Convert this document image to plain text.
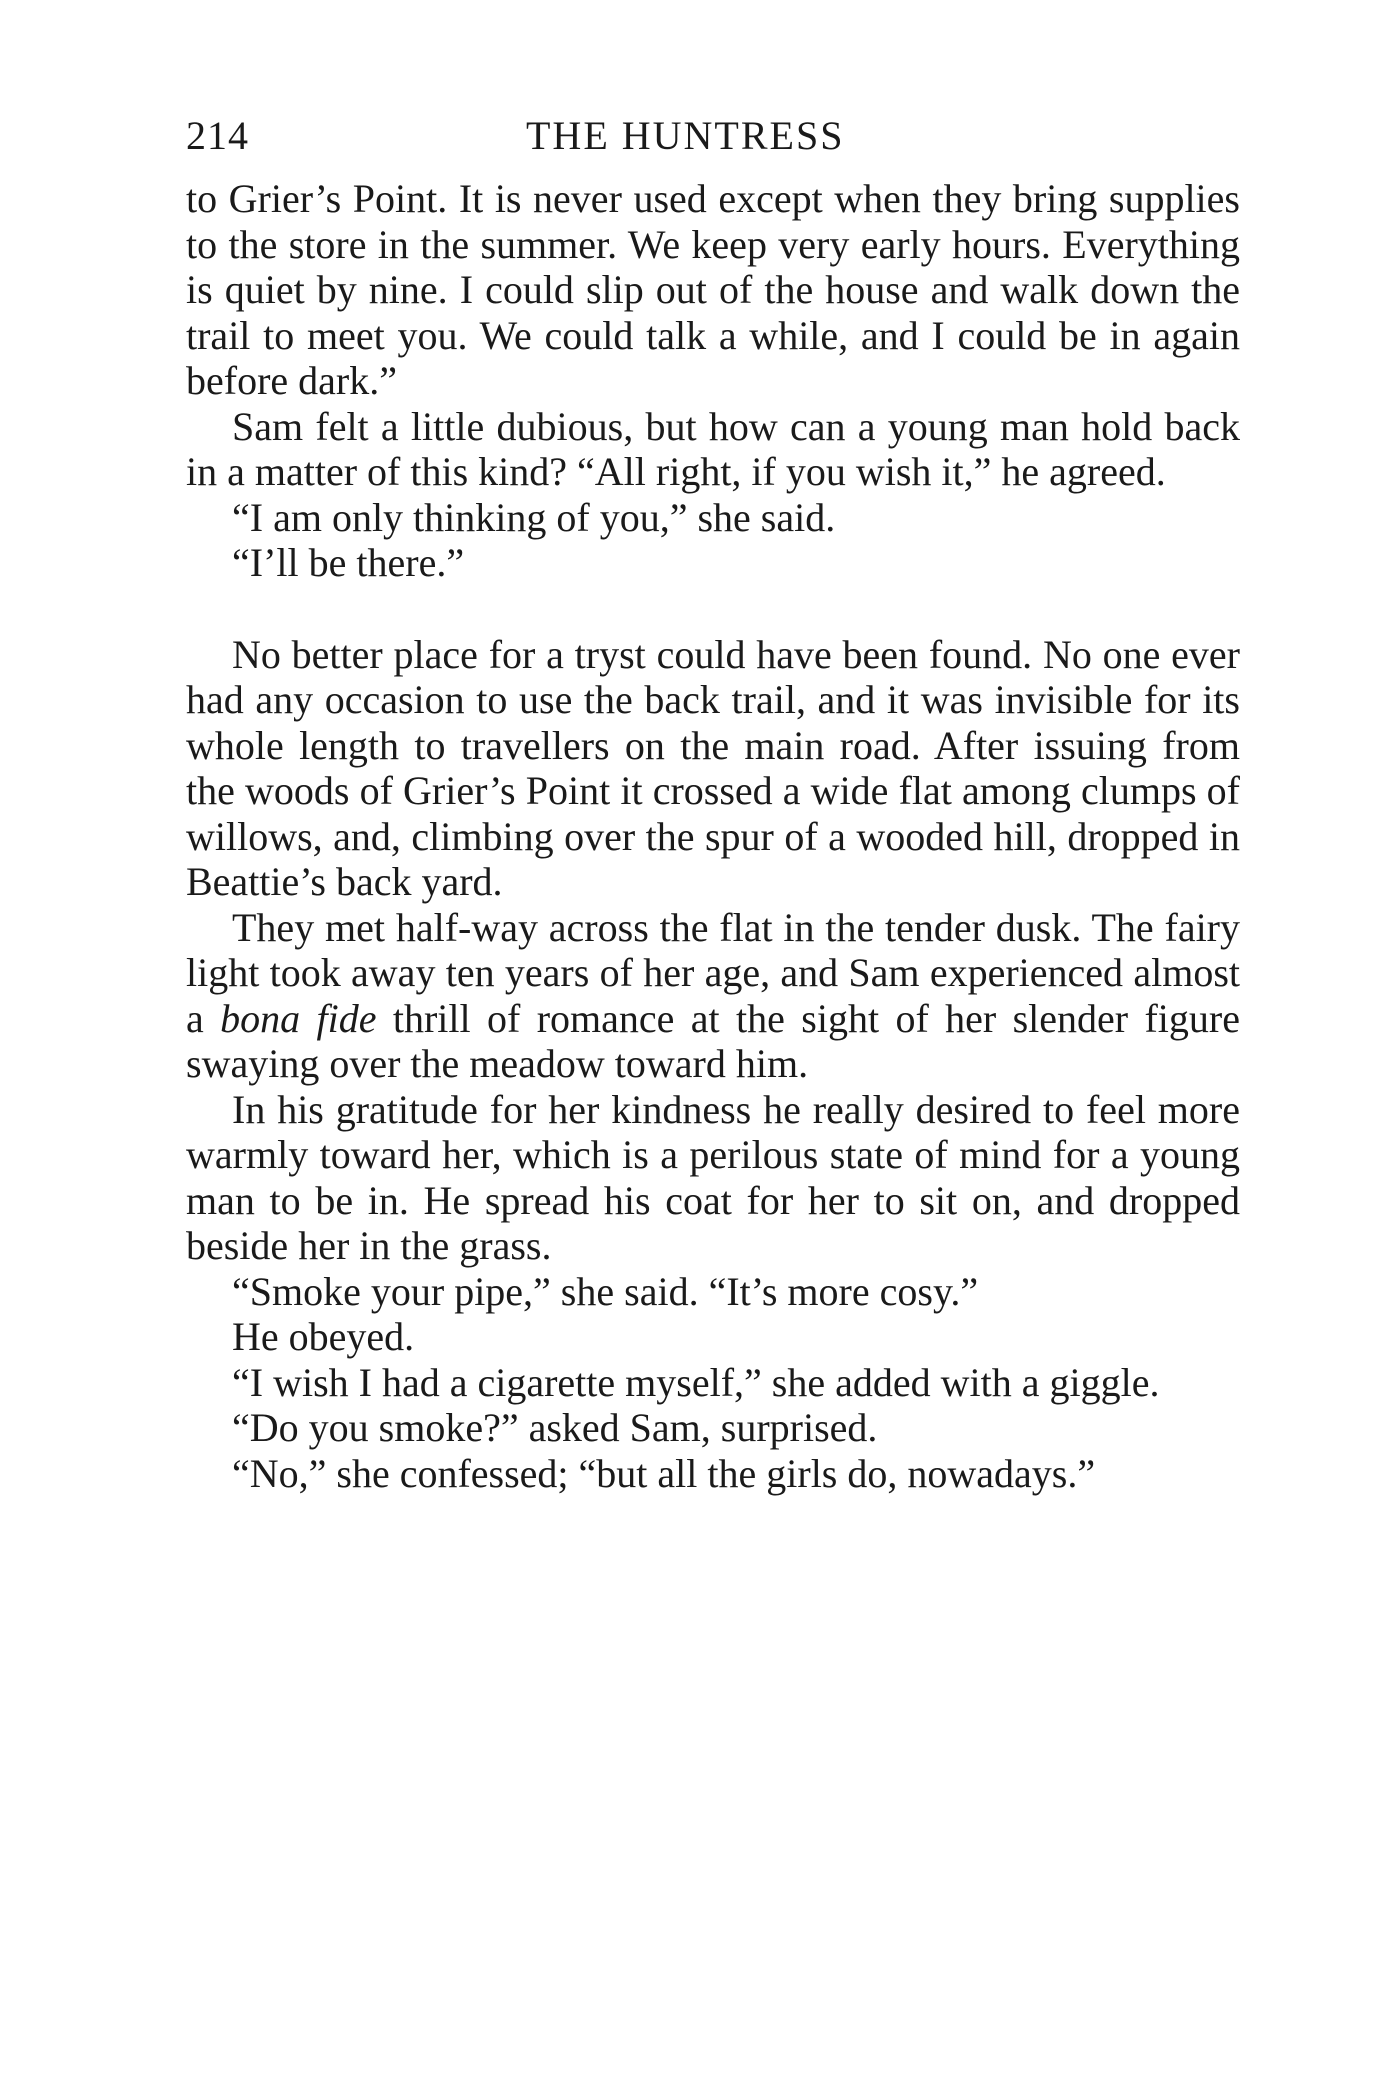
214	THE HUNTRESS

to Grier’s Point. It is never used except when they bring supplies to the store in the summer. We keep very early hours. Everything is quiet by nine. I could slip out of the house and walk down the trail to meet you. We could talk a while, and I could be in again before dark.”

Sam felt a little dubious, but how can a young man hold back in a matter of this kind? “All right, if you wish it,” he agreed.

“I am only thinking of you,” she said.

“I’ll be there.”

No better place for a tryst could have been found. No one ever had any occasion to use the back trail, and it was invisible for its whole length to travellers on the main road. After issuing from the woods of Grier’s Point it crossed a wide flat among clumps of willows, and, climbing over the spur of a wooded hill, dropped in Beattie’s back yard.

They met half-way across the flat in the tender dusk. The fairy light took away ten years of her age, and Sam experienced almost a bona fide thrill of romance at the sight of her slender figure swaying over the meadow toward him.

In his gratitude for her kindness he really desired to feel more warmly toward her, which is a perilous state of mind for a young man to be in. He spread his coat for her to sit on, and dropped beside her in the grass.

“Smoke your pipe,” she said. “It’s more cosy.”

He obeyed.

“I wish I had a cigarette myself,” she added with a giggle.

“Do you smoke?” asked Sam, surprised.

“No,” she confessed; “but all the girls do, nowadays.”
